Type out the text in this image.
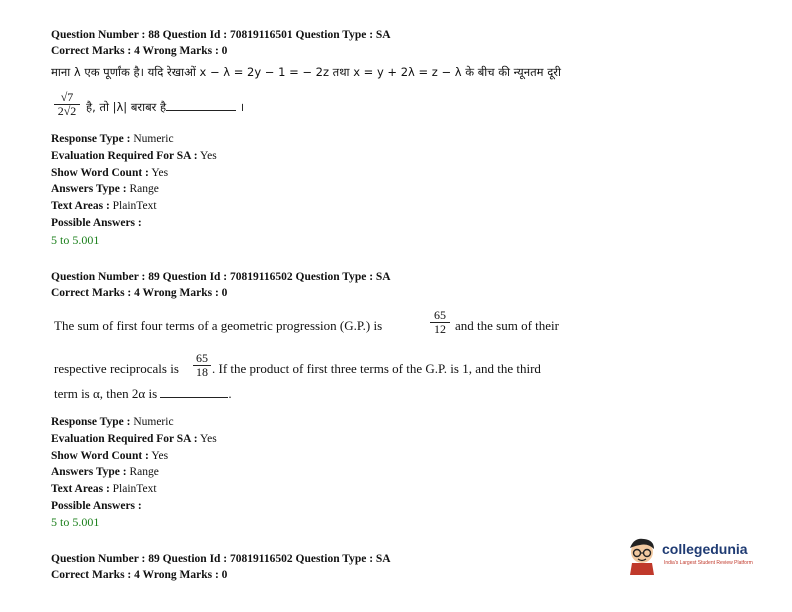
Question Number : 88 Question Id : 70819116501 Question Type : SA
Correct Marks : 4 Wrong Marks : 0
माना λ एक पूर्णांक है। यदि रेखाओं x − λ = 2y − 1 = − 2z तथा x = y + 2λ = z − λ के बीच की न्यूनतम दूरी
$\frac{√7}{2√2}$ है, तो |λ| बराबर है	।
Response Type : Numeric
Evaluation Required For SA : Yes
Show Word Count : Yes
Answers Type : Range
Text Areas : PlainText
Possible Answers :
5 to 5.001
Question Number : 89 Question Id : 70819116502 Question Type : SA
Correct Marks : 4 Wrong Marks : 0
The sum of first four terms of a geometric progression (G.P.) is	$\frac{65}{12}$ and the sum of their
respective reciprocals is $\frac{65}{18}$ . If the product of first three terms of the G.P. is 1, and the third
term is α, then 2α is	.
Response Type : Numeric
Evaluation Required For SA : Yes
Show Word Count : Yes
Answers Type : Range
Text Areas : PlainText
Possible Answers :
5 to 5.001
Question Number : 89 Question Id : 70819116502 Question Type : SA
Correct Marks : 4 Wrong Marks : 0
collegedunia
India's Largest Student Review Platform
